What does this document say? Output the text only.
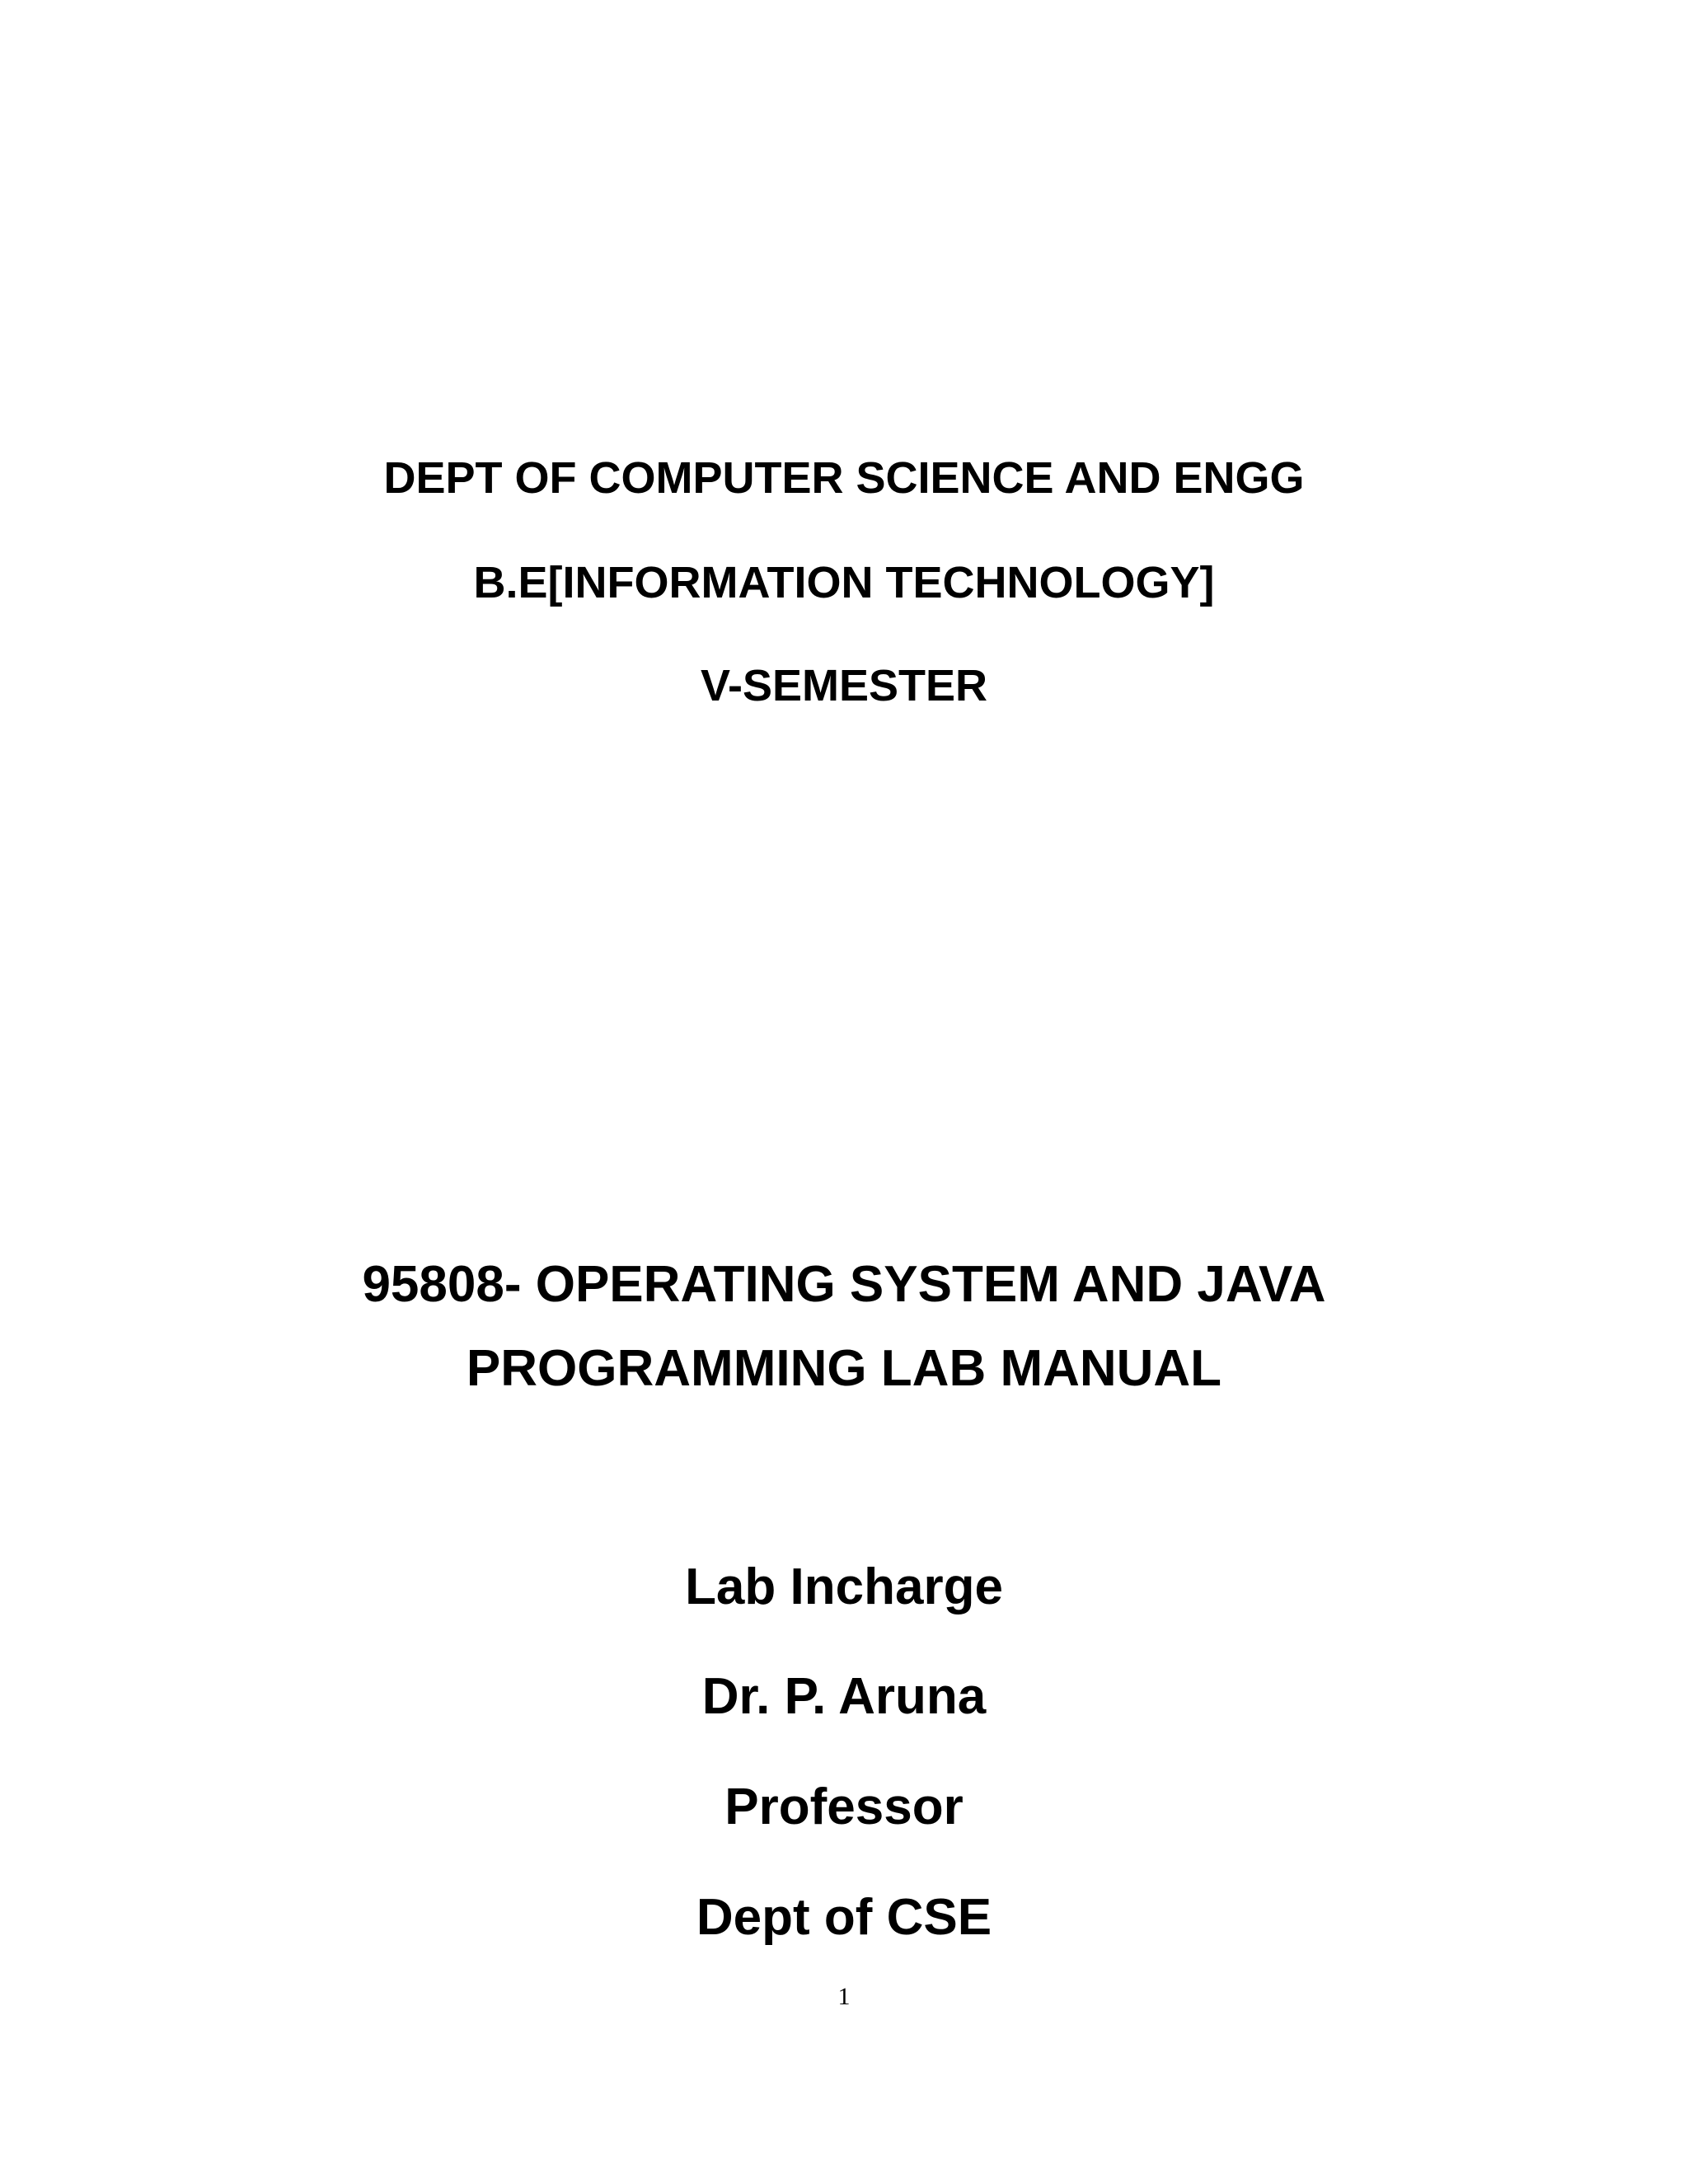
DEPT OF COMPUTER SCIENCE AND ENGG
B.E[INFORMATION TECHNOLOGY]
V-SEMESTER
95808- OPERATING SYSTEM AND JAVA
PROGRAMMING LAB MANUAL
Lab Incharge
Dr. P. Aruna
Professor
Dept of CSE
1
